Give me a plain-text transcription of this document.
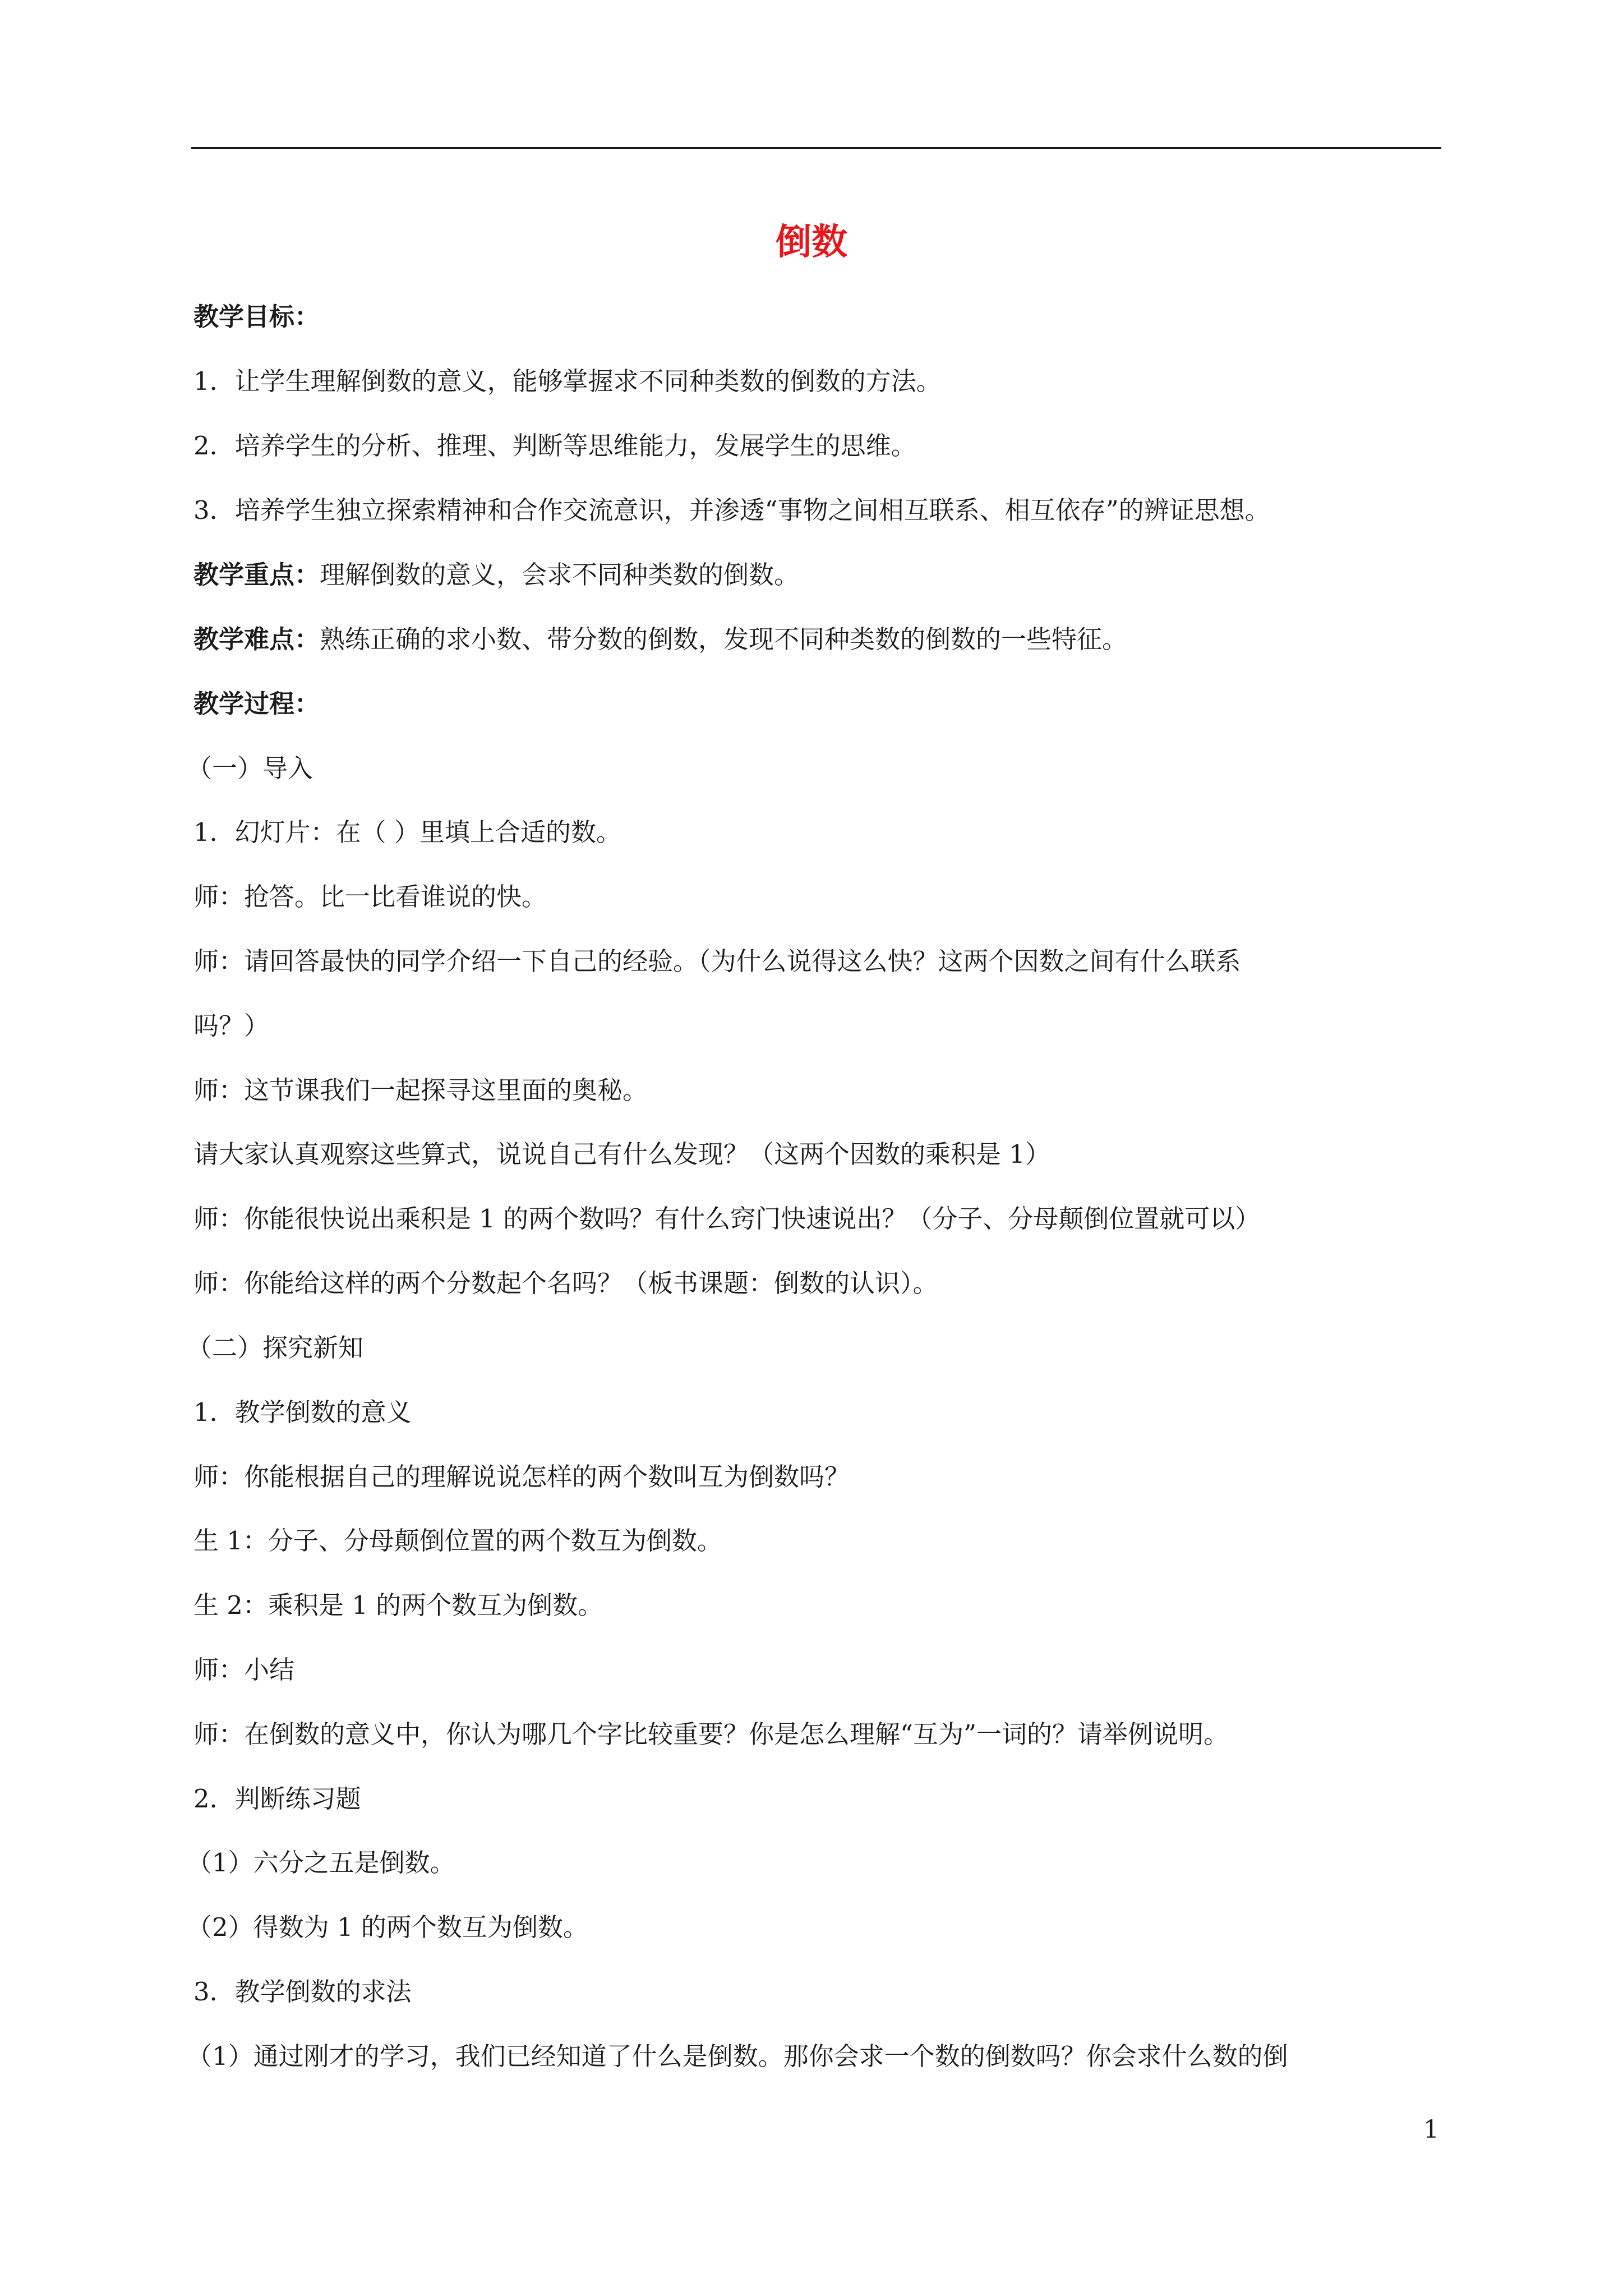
倒数
教学目标：
1．让学生理解倒数的意义，能够掌握求不同种类数的倒数的方法。
2．培养学生的分析、推理、判断等思维能力，发展学生的思维。
3．培养学生独立探索精神和合作交流意识，并渗透“事物之间相互联系、相互依存”的辨证思想。
教学重点：理解倒数的意义，会求不同种类数的倒数。
教学难点：熟练正确的求小数、带分数的倒数，发现不同种类数的倒数的一些特征。
教学过程：
（一）导入
1．幻灯片：在（ ）里填上合适的数。
师：抢答。比一比看谁说的快。
师：请回答最快的同学介绍一下自己的经验。（为什么说得这么快？这两个因数之间有什么联系
吗？）
师：这节课我们一起探寻这里面的奥秘。
请大家认真观察这些算式，说说自己有什么发现？（这两个因数的乘积是 1）
师：你能很快说出乘积是 1 的两个数吗？有什么窍门快速说出？（分子、分母颠倒位置就可以）
师：你能给这样的两个分数起个名吗？（板书课题：倒数的认识）。
（二）探究新知
1．教学倒数的意义
师：你能根据自己的理解说说怎样的两个数叫互为倒数吗？
生 1：分子、分母颠倒位置的两个数互为倒数。
生 2：乘积是 1 的两个数互为倒数。
师：小结
师：在倒数的意义中，你认为哪几个字比较重要？你是怎么理解“互为”一词的？请举例说明。
2．判断练习题
（1）六分之五是倒数。
（2）得数为 1 的两个数互为倒数。
3．教学倒数的求法
（1）通过刚才的学习，我们已经知道了什么是倒数。那你会求一个数的倒数吗？你会求什么数的倒
1
